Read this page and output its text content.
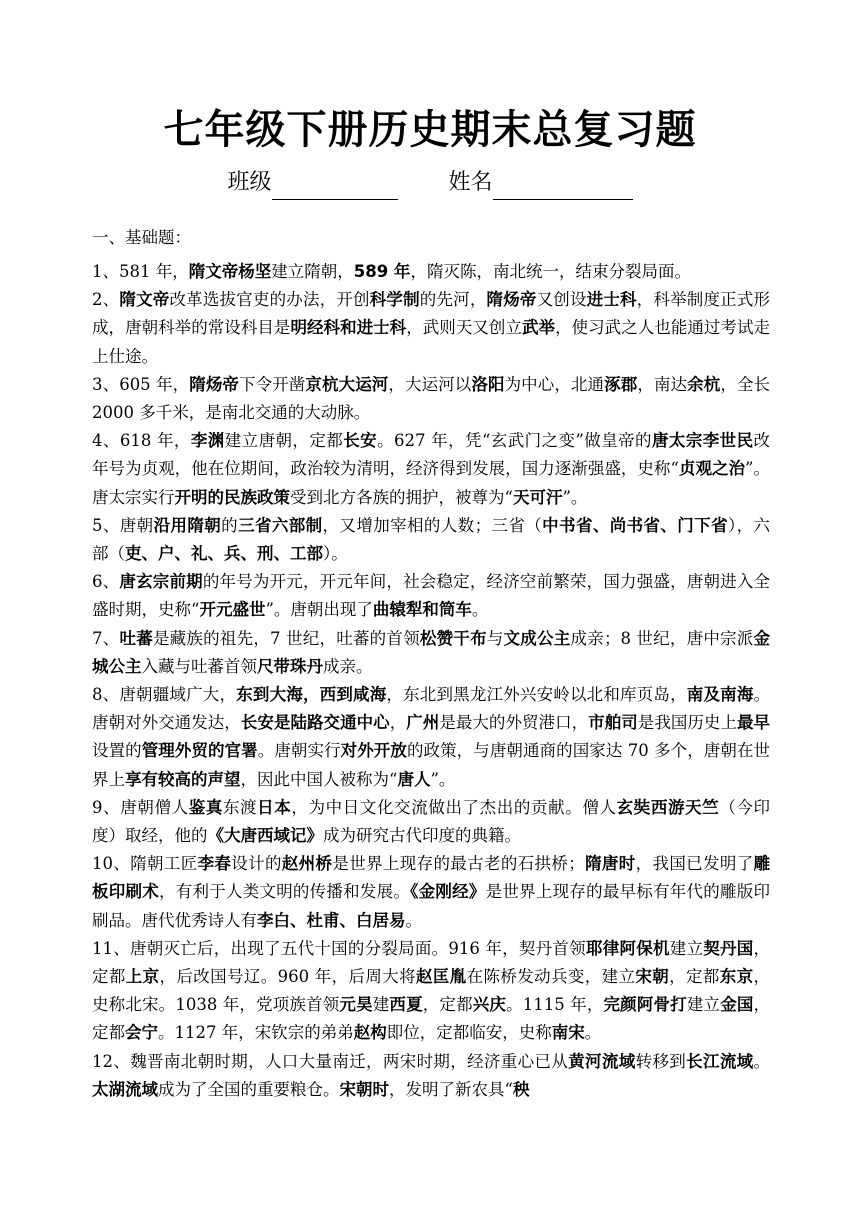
七年级下册历史期末总复习题
班级	姓名
一、基础题：

1、581 年，隋文帝杨坚建立隋朝，589 年，隋灭陈，南北统一，结束分裂局面。

2、隋文帝改革选拔官吏的办法，开创科学制的先河，隋炀帝又创设进士科，科举制度正式形成，唐朝科举的常设科目是明经科和进士科，武则天又创立武举，使习武之人也能通过考试走上仕途。

3、605 年，隋炀帝下令开凿京杭大运河，大运河以洛阳为中心，北通涿郡，南达余杭，全长 2000 多千米，是南北交通的大动脉。

4、618 年，李渊建立唐朝，定都长安。627 年，凭“玄武门之变”做皇帝的唐太宗李世民改年号为贞观，他在位期间，政治较为清明，经济得到发展，国力逐渐强盛，史称“贞观之治”。唐太宗实行开明的民族政策受到北方各族的拥护，被尊为“天可汗”。

5、唐朝沿用隋朝的三省六部制，又增加宰相的人数；三省（中书省、尚书省、门下省），六部（吏、户、礼、兵、刑、工部）。

6、唐玄宗前期的年号为开元，开元年间，社会稳定，经济空前繁荣，国力强盛，唐朝进入全盛时期，史称“开元盛世”。唐朝出现了曲辕犁和筒车。

7、吐蕃是藏族的祖先，7 世纪，吐蕃的首领松赞干布与文成公主成亲；8 世纪，唐中宗派金城公主入藏与吐蕃首领尺带珠丹成亲。

8、唐朝疆域广大，东到大海，西到咸海，东北到黑龙江外兴安岭以北和库页岛，南及南海。唐朝对外交通发达，长安是陆路交通中心，广州是最大的外贸港口，市舶司是我国历史上最早设置的管理外贸的官署。唐朝实行对外开放的政策，与唐朝通商的国家达 70 多个，唐朝在世界上享有较高的声望，因此中国人被称为“唐人”。

9、唐朝僧人鉴真东渡日本，为中日文化交流做出了杰出的贡献。僧人玄奘西游天竺（今印度）取经，他的《大唐西域记》成为研究古代印度的典籍。

10、隋朝工匠李春设计的赵州桥是世界上现存的最古老的石拱桥；隋唐时，我国已发明了雕板印刷术，有利于人类文明的传播和发展。《金刚经》是世界上现存的最早标有年代的雕版印刷品。唐代优秀诗人有李白、杜甫、白居易。

11、唐朝灭亡后，出现了五代十国的分裂局面。916 年，契丹首领耶律阿保机建立契丹国，定都上京，后改国号辽。960 年，后周大将赵匡胤在陈桥发动兵变，建立宋朝，定都东京，史称北宋。1038 年，党项族首领元昊建西夏，定都兴庆。1115 年，完颜阿骨打建立金国，定都会宁。1127 年，宋钦宗的弟弟赵构即位，定都临安，史称南宋。

12、魏晋南北朝时期，人口大量南迁，两宋时期，经济重心已从黄河流域转移到长江流域。太湖流域成为了全国的重要粮仓。宋朝时，发明了新农具“秧
